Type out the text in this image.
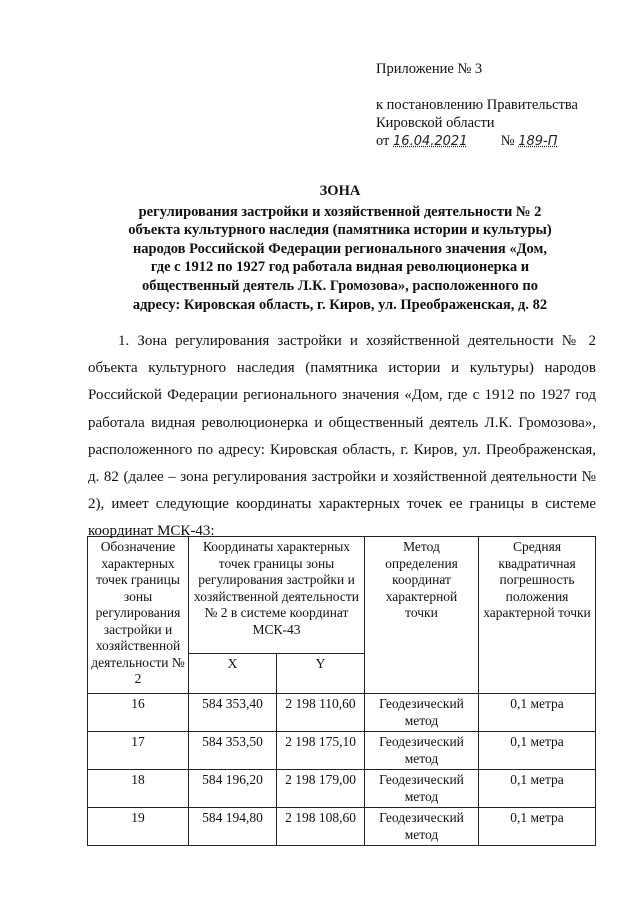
Приложение № 3
к постановлению Правительства
Кировской области
от 16.04.2021 № 189-П
ЗОНА
регулирования застройки и хозяйственной деятельности № 2
объекта культурного наследия (памятника истории и культуры)
народов Российской Федерации регионального значения «Дом,
где с 1912 по 1927 год работала видная революционерка и
общественный деятель Л.К. Громозова», расположенного по
адресу: Кировская область, г. Киров, ул. Преображенская, д. 82

1. Зона регулирования застройки и хозяйственной деятельности № 2 объекта культурного наследия (памятника истории и культуры) народов Российской Федерации регионального значения «Дом, где с 1912 по 1927 год работала видная революционерка и общественный деятель Л.К. Громозова», расположенного по адресу: Кировская область, г. Киров, ул. Преображенская, д. 82 (далее – зона регулирования застройки и хозяйственной деятельности № 2), имеет следующие координаты характерных точек ее границы в системе координат МСК-43:

Обозначение характерных точек границы зоны регулирования застройки и хозяйственной деятельности № 2	Координаты характерных точек границы зоны регулирования застройки и хозяйственной деятельности № 2 в системе координат МСК-43		Метод определения координат характерной точки	Средняя квадратичная погрешность положения характерной точки
	X	Y		
16	584 353,40	2 198 110,60	Геодезический метод	0,1 метра
17	584 353,50	2 198 175,10	Геодезический метод	0,1 метра
18	584 196,20	2 198 179,00	Геодезический метод	0,1 метра
19	584 194,80	2 198 108,60	Геодезический метод	0,1 метра
